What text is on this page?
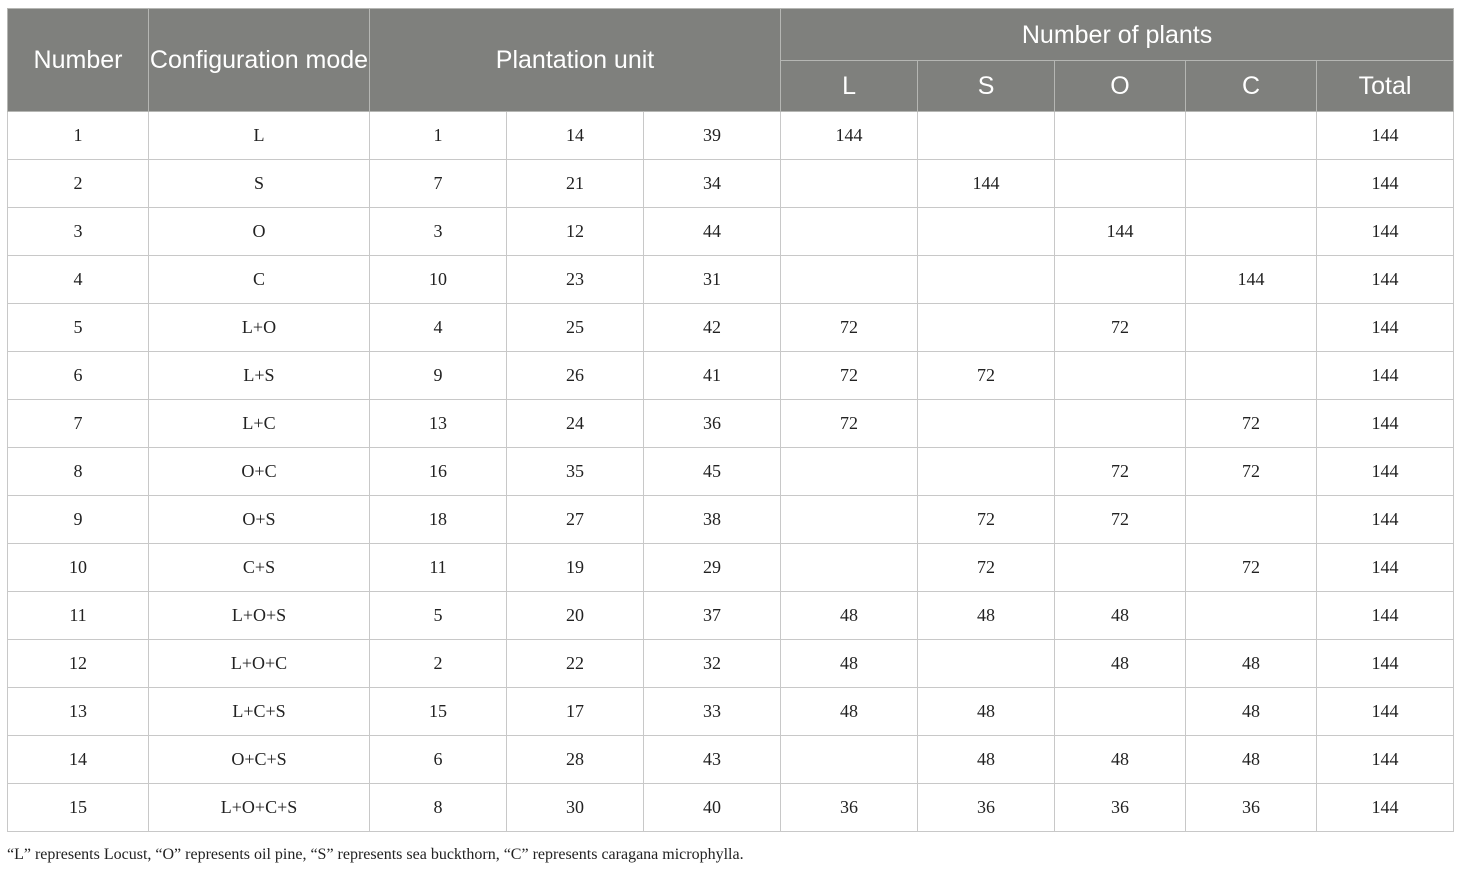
Number	Configuration mode	Plantation unit			Number of plants				
					L	S	O	C	Total
1	L	1	14	39	144				144
2	S	7	21	34		144			144
3	O	3	12	44			144		144
4	C	10	23	31				144	144
5	L+O	4	25	42	72		72		144
6	L+S	9	26	41	72	72			144
7	L+C	13	24	36	72			72	144
8	O+C	16	35	45			72	72	144
9	O+S	18	27	38		72	72		144
10	C+S	11	19	29		72		72	144
11	L+O+S	5	20	37	48	48	48		144
12	L+O+C	2	22	32	48		48	48	144
13	L+C+S	15	17	33	48	48		48	144
14	O+C+S	6	28	43		48	48	48	144
15	L+O+C+S	8	30	40	36	36	36	36	144
“L” represents Locust, “O” represents oil pine, “S” represents sea buckthorn, “C” represents caragana microphylla.
